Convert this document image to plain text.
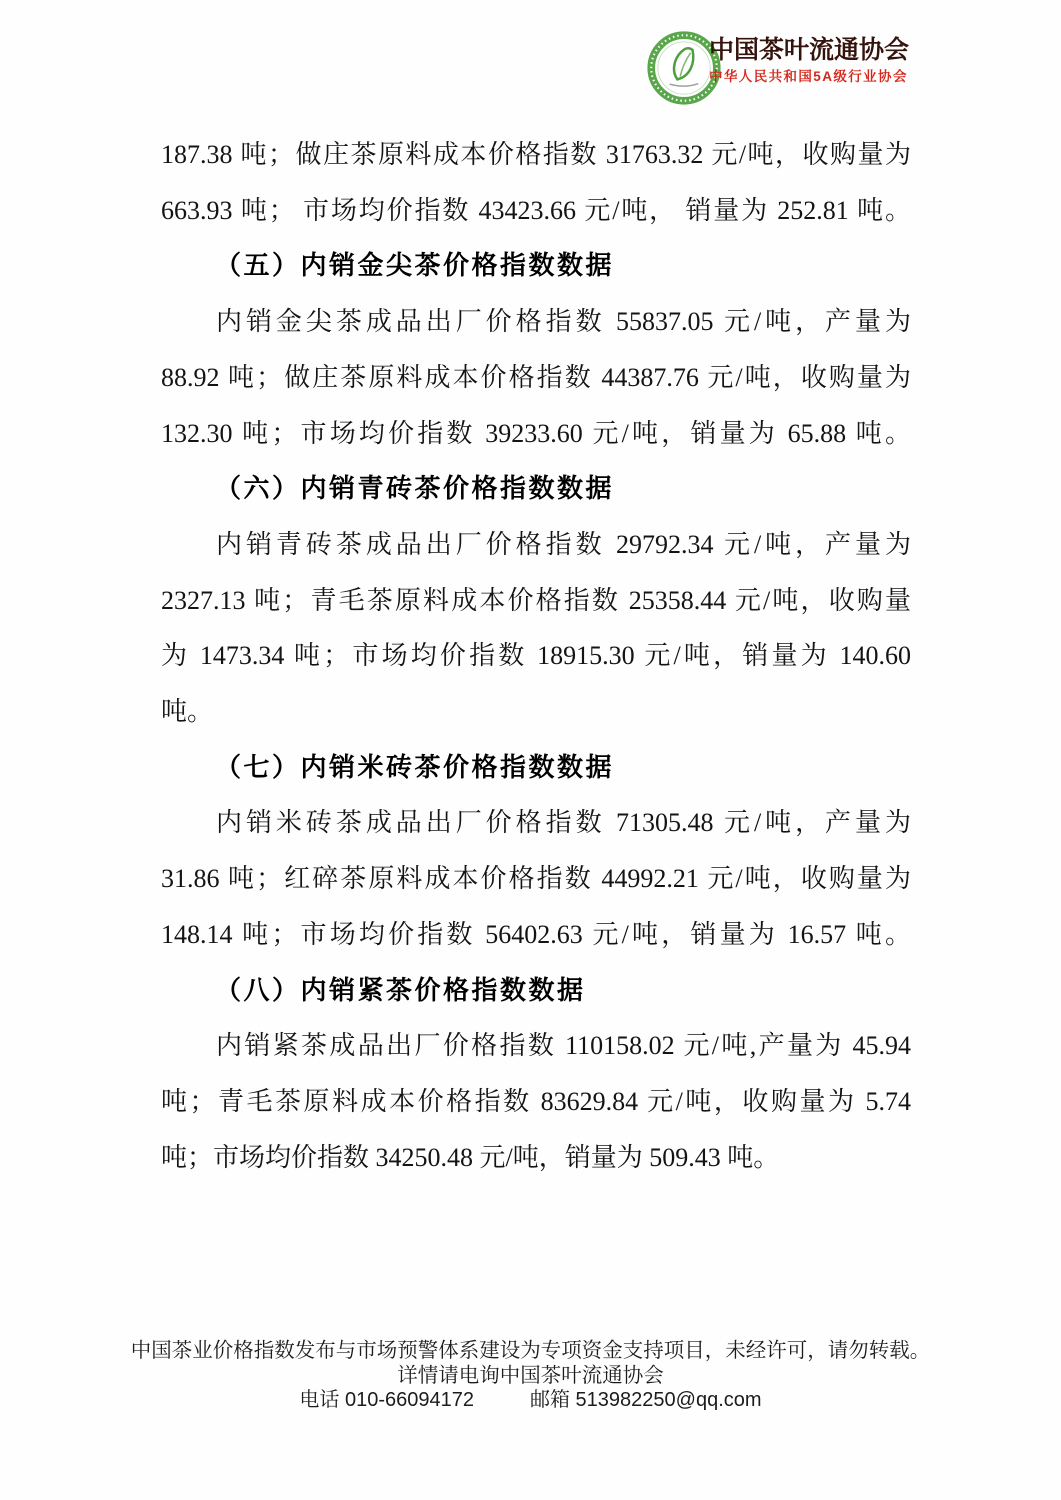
中国茶叶流通协会
中华人民共和国5A级行业协会
187.38 吨；做庄茶原料成本价格指数 31763.32 元/吨，收购量为
663.93 吨； 市场均价指数 43423.66 元/吨， 销量为 252.81 吨。
（五）内销金尖茶价格指数数据
内销金尖茶成品出厂价格指数 55837.05 元/吨，产量为
88.92 吨；做庄茶原料成本价格指数 44387.76 元/吨，收购量为
132.30 吨；市场均价指数 39233.60 元/吨，销量为 65.88 吨。
（六）内销青砖茶价格指数数据
内销青砖茶成品出厂价格指数 29792.34 元/吨，产量为
2327.13 吨；青毛茶原料成本价格指数 25358.44 元/吨，收购量
为 1473.34 吨；市场均价指数 18915.30 元/吨，销量为 140.60
吨。
（七）内销米砖茶价格指数数据
内销米砖茶成品出厂价格指数 71305.48 元/吨，产量为
31.86 吨；红碎茶原料成本价格指数 44992.21 元/吨，收购量为
148.14 吨；市场均价指数 56402.63 元/吨，销量为 16.57 吨。
（八）内销紧茶价格指数数据
内销紧茶成品出厂价格指数 110158.02 元/吨,产量为 45.94
吨；青毛茶原料成本价格指数 83629.84 元/吨，收购量为 5.74
吨；市场均价指数 34250.48 元/吨，销量为 509.43 吨。
中国茶业价格指数发布与市场预警体系建设为专项资金支持项目，未经许可，请勿转载。
详情请电询中国茶叶流通协会
电话 010-66094172	邮箱 513982250@qq.com
